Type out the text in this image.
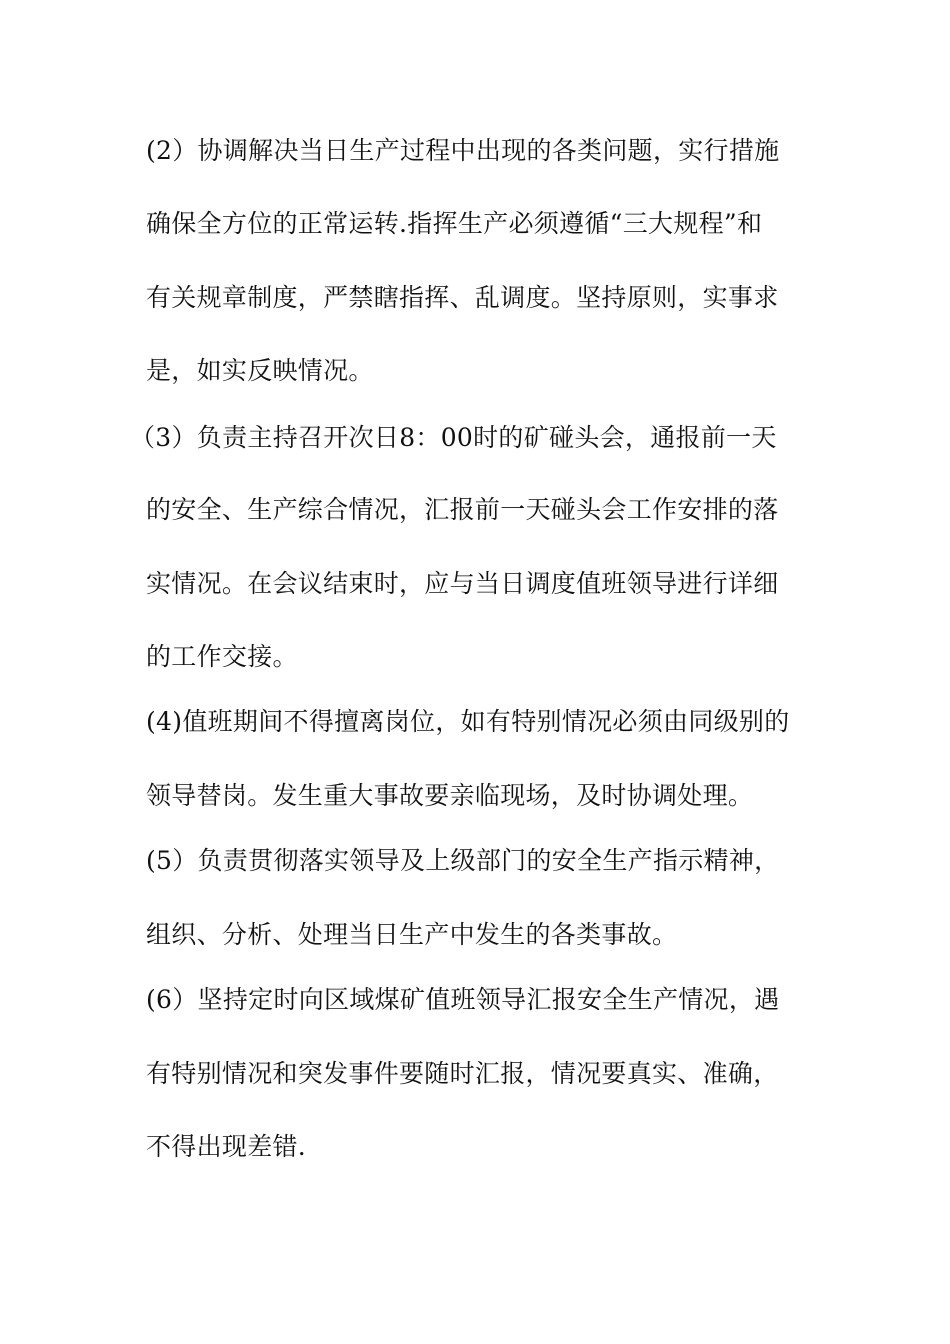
(2）协调解决当日生产过程中出现的各类问题，实行措施
确保全方位的正常运转.指挥生产必须遵循“三大规程”和
有关规章制度，严禁瞎指挥、乱调度。坚持原则，实事求
是，如实反映情况。
（3）负责主持召开次日8：00时的矿碰头会，通报前一天
的安全、生产综合情况，汇报前一天碰头会工作安排的落
实情况。在会议结束时，应与当日调度值班领导进行详细
的工作交接。
(4)值班期间不得擅离岗位，如有特别情况必须由同级别的
领导替岗。发生重大事故要亲临现场，及时协调处理。
(5）负责贯彻落实领导及上级部门的安全生产指示精神，
组织、分析、处理当日生产中发生的各类事故。
(6）坚持定时向区域煤矿值班领导汇报安全生产情况，遇
有特别情况和突发事件要随时汇报，情况要真实、准确，
不得出现差错.
